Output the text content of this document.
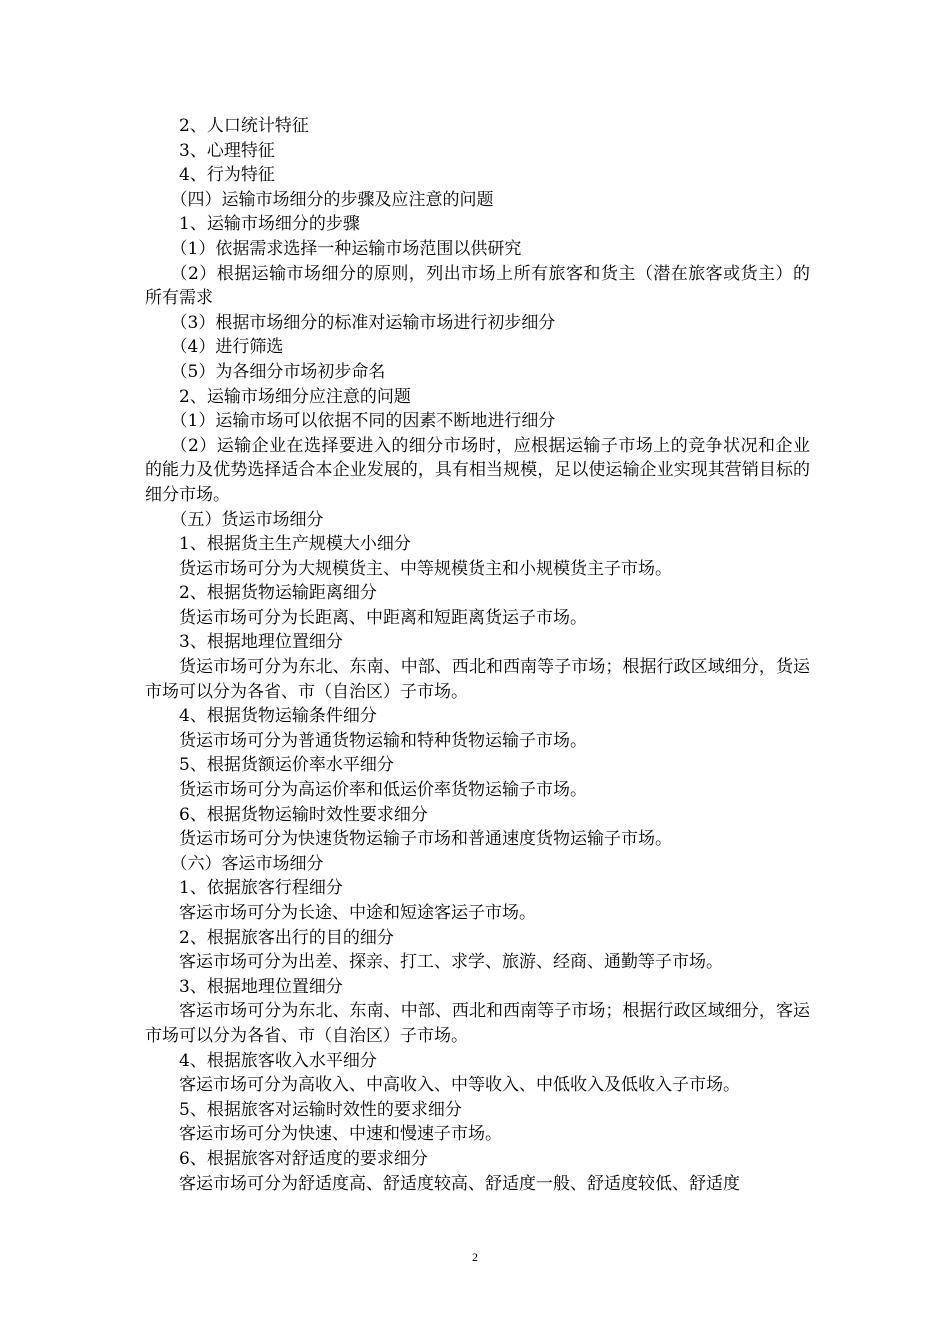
2、人口统计特征

3、心理特征

4、行为特征

（四）运输市场细分的步骤及应注意的问题

1、运输市场细分的步骤

（1）依据需求选择一种运输市场范围以供研究

（2）根据运输市场细分的原则，列出市场上所有旅客和货主（潜在旅客或货主）的所有需求

（3）根据市场细分的标准对运输市场进行初步细分

（4）进行筛选

（5）为各细分市场初步命名

2、运输市场细分应注意的问题

（1）运输市场可以依据不同的因素不断地进行细分

（2）运输企业在选择要进入的细分市场时，应根据运输子市场上的竞争状况和企业的能力及优势选择适合本企业发展的，具有相当规模，足以使运输企业实现其营销目标的细分市场。

（五）货运市场细分

1、根据货主生产规模大小细分

货运市场可分为大规模货主、中等规模货主和小规模货主子市场。

2、根据货物运输距离细分

货运市场可分为长距离、中距离和短距离货运子市场。

3、根据地理位置细分

货运市场可分为东北、东南、中部、西北和西南等子市场；根据行政区域细分，货运市场可以分为各省、市（自治区）子市场。

4、根据货物运输条件细分

货运市场可分为普通货物运输和特种货物运输子市场。

5、根据货额运价率水平细分

货运市场可分为高运价率和低运价率货物运输子市场。

6、根据货物运输时效性要求细分

货运市场可分为快速货物运输子市场和普通速度货物运输子市场。

（六）客运市场细分

1、依据旅客行程细分

客运市场可分为长途、中途和短途客运子市场。

2、根据旅客出行的目的细分

客运市场可分为出差、探亲、打工、求学、旅游、经商、通勤等子市场。

3、根据地理位置细分

客运市场可分为东北、东南、中部、西北和西南等子市场；根据行政区域细分，客运市场可以分为各省、市（自治区）子市场。

4、根据旅客收入水平细分

客运市场可分为高收入、中高收入、中等收入、中低收入及低收入子市场。

5、根据旅客对运输时效性的要求细分

客运市场可分为快速、中速和慢速子市场。

6、根据旅客对舒适度的要求细分

客运市场可分为舒适度高、舒适度较高、舒适度一般、舒适度较低、舒适度

2
